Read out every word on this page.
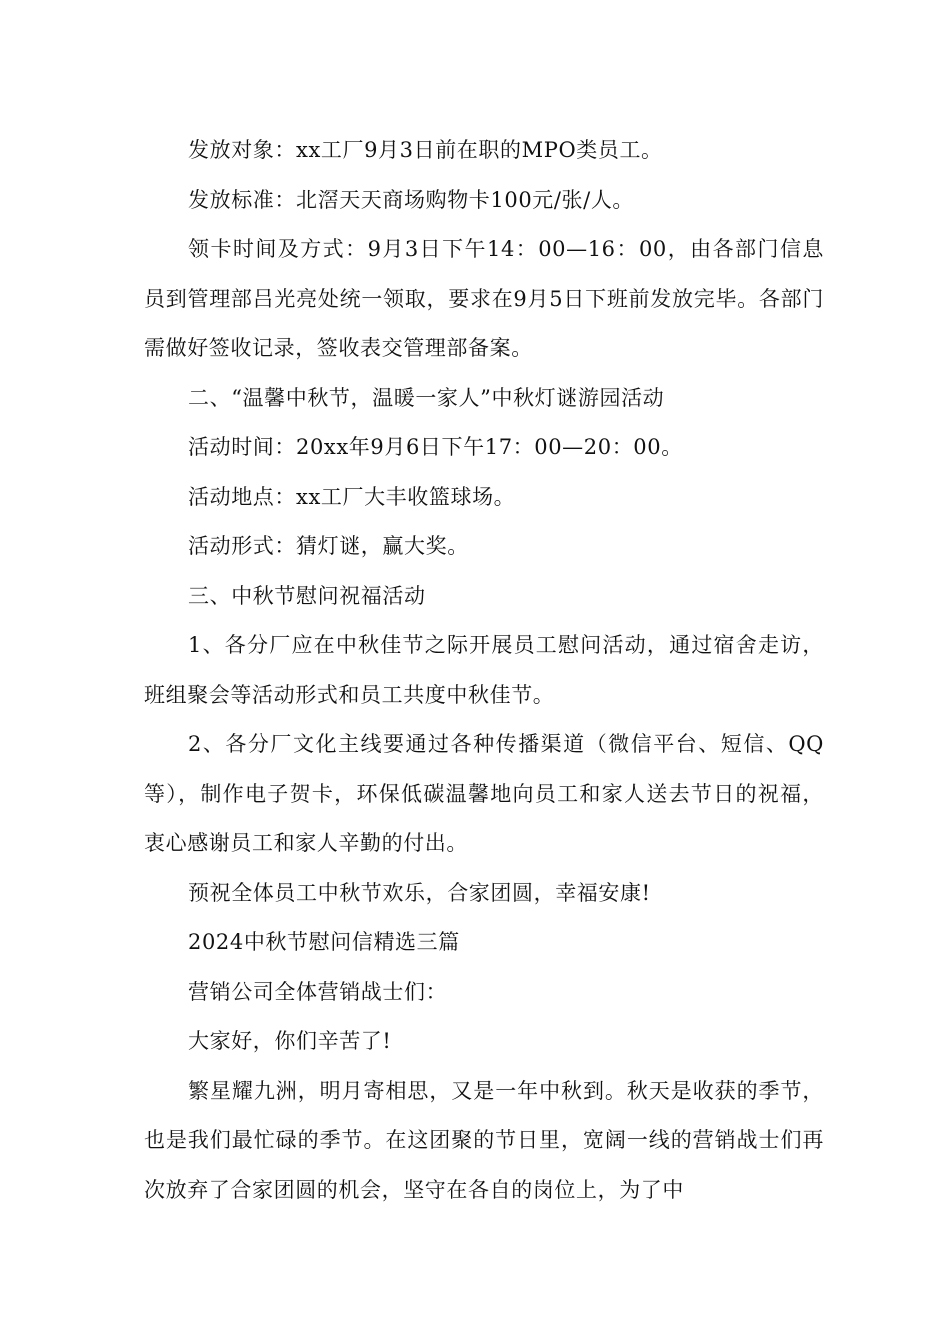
发放对象：xx工厂9月3日前在职的MPO类员工。

发放标准：北滘天天商场购物卡100元/张/人。

领卡时间及方式：9月3日下午14：00—16：00，由各部门信息员到管理部吕光亮处统一领取，要求在9月5日下班前发放完毕。各部门需做好签收记录，签收表交管理部备案。

二、“温馨中秋节，温暖一家人”中秋灯谜游园活动

活动时间：20xx年9月6日下午17：00—20：00。

活动地点：xx工厂大丰收篮球场。

活动形式：猜灯谜，赢大奖。

三、中秋节慰问祝福活动

1、各分厂应在中秋佳节之际开展员工慰问活动，通过宿舍走访，班组聚会等活动形式和员工共度中秋佳节。

2、各分厂文化主线要通过各种传播渠道（微信平台、短信、QQ等），制作电子贺卡，环保低碳温馨地向员工和家人送去节日的祝福，衷心感谢员工和家人辛勤的付出。

预祝全体员工中秋节欢乐，合家团圆，幸福安康!

2024中秋节慰问信精选三篇

营销公司全体营销战士们：

大家好，你们辛苦了!

繁星耀九洲，明月寄相思，又是一年中秋到。秋天是收获的季节，也是我们最忙碌的季节。在这团聚的节日里，宽阔一线的营销战士们再次放弃了合家团圆的机会，坚守在各自的岗位上，为了中
